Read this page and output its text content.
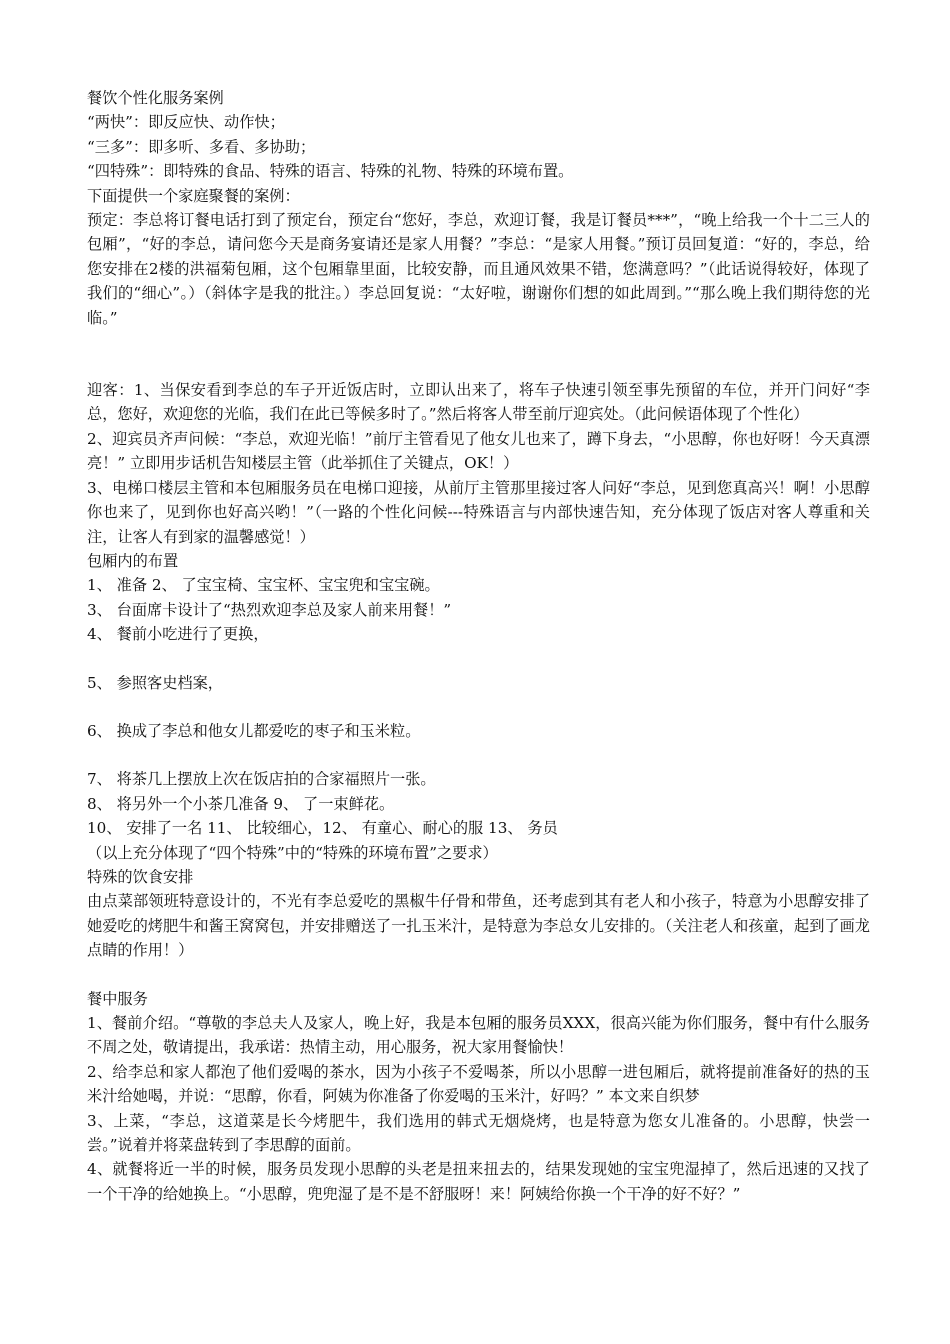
餐饮个性化服务案例

“两快”：即反应快、动作快；

“三多”：即多听、多看、多协助；

“四特殊”：即特殊的食品、特殊的语言、特殊的礼物、特殊的环境布置。

下面提供一个家庭聚餐的案例：

预定：李总将订餐电话打到了预定台，预定台“您好，李总，欢迎订餐，我是订餐员***”，“晚上给我一个十二三人的包厢”，“好的李总，请问您今天是商务宴请还是家人用餐？”李总：“是家人用餐。”预订员回复道：“好的，李总，给您安排在2楼的洪福菊包厢，这个包厢靠里面，比较安静，而且通风效果不错，您满意吗？”（此话说得较好，体现了我们的“细心”。）（斜体字是我的批注。）李总回复说：“太好啦，谢谢你们想的如此周到。”“那么晚上我们期待您的光临。”

迎客：1、当保安看到李总的车子开近饭店时，立即认出来了，将车子快速引领至事先预留的车位，并开门问好“李总，您好，欢迎您的光临，我们在此已等候多时了。”然后将客人带至前厅迎宾处。（此问候语体现了个性化）

2、迎宾员齐声问候：“李总，欢迎光临！”前厅主管看见了他女儿也来了，蹲下身去，“小思醇，你也好呀！今天真漂亮！” 立即用步话机告知楼层主管（此举抓住了关键点，OK！）

3、电梯口楼层主管和本包厢服务员在电梯口迎接，从前厅主管那里接过客人问好“李总，见到您真高兴！啊！小思醇你也来了，见到你也好高兴哟！”（一路的个性化问候---特殊语言与内部快速告知，充分体现了饭店对客人尊重和关注，让客人有到家的温馨感觉！）

包厢内的布置

1、 准备 2、 了宝宝椅、宝宝杯、宝宝兜和宝宝碗。

3、 台面席卡设计了“热烈欢迎李总及家人前来用餐！”

4、 餐前小吃进行了更换，

5、 参照客史档案，

6、 换成了李总和他女儿都爱吃的枣子和玉米粒。

7、 将茶几上摆放上次在饭店拍的合家福照片一张。

8、 将另外一个小茶几准备 9、 了一束鲜花。

10、 安排了一名 11、 比较细心，12、 有童心、耐心的服 13、 务员

（以上充分体现了“四个特殊”中的“特殊的环境布置”之要求）

特殊的饮食安排

由点菜部领班特意设计的，不光有李总爱吃的黑椒牛仔骨和带鱼，还考虑到其有老人和小孩子，特意为小思醇安排了她爱吃的烤肥牛和酱王窝窝包，并安排赠送了一扎玉米汁，是特意为李总女儿安排的。（关注老人和孩童，起到了画龙点睛的作用！）

餐中服务

1、餐前介绍。“尊敬的李总夫人及家人，晚上好，我是本包厢的服务员XXX，很高兴能为你们服务，餐中有什么服务不周之处，敬请提出，我承诺：热情主动，用心服务，祝大家用餐愉快！

2、给李总和家人都泡了他们爱喝的茶水，因为小孩子不爱喝茶，所以小思醇一进包厢后，就将提前准备好的热的玉米汁给她喝，并说：“思醇，你看，阿姨为你准备了你爱喝的玉米汁，好吗？” 本文来自织梦

3、上菜，“李总，这道菜是长今烤肥牛，我们选用的韩式无烟烧烤，也是特意为您女儿准备的。小思醇，快尝一尝。”说着并将菜盘转到了李思醇的面前。

4、就餐将近一半的时候，服务员发现小思醇的头老是扭来扭去的，结果发现她的宝宝兜湿掉了，然后迅速的又找了一个干净的给她换上。“小思醇，兜兜湿了是不是不舒服呀！来！阿姨给你换一个干净的好不好？”
